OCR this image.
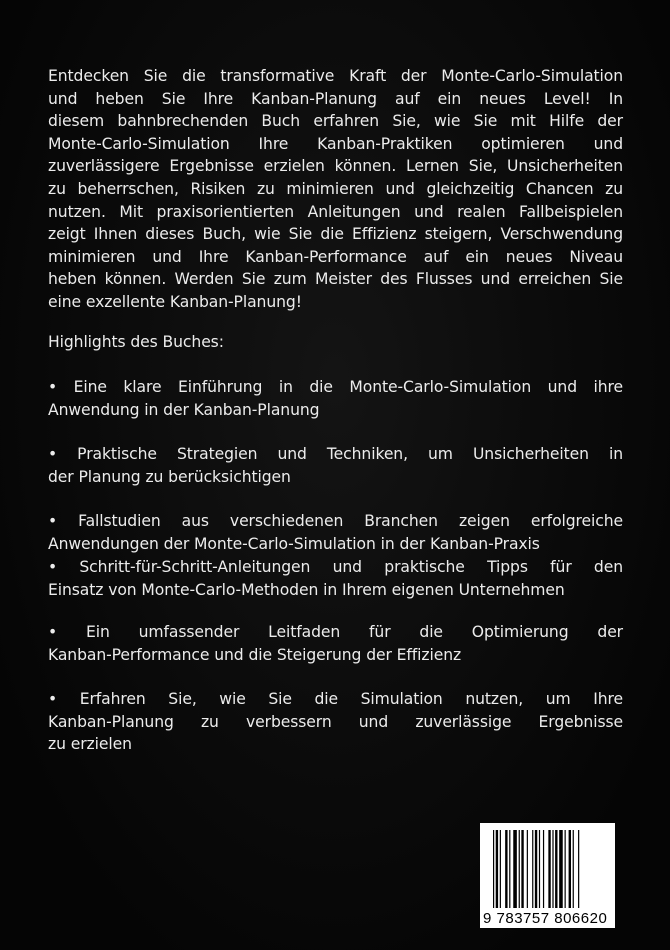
Entdecken Sie die transformative Kraft der Monte-Carlo-Simulation
und heben Sie Ihre Kanban-Planung auf ein neues Level! In
diesem bahnbrechenden Buch erfahren Sie, wie Sie mit Hilfe der
Monte-Carlo-Simulation Ihre Kanban-Praktiken optimieren und
zuverlässigere Ergebnisse erzielen können. Lernen Sie, Unsicherheiten
zu beherrschen, Risiken zu minimieren und gleichzeitig Chancen zu
nutzen. Mit praxisorientierten Anleitungen und realen Fallbeispielen
zeigt Ihnen dieses Buch, wie Sie die Effizienz steigern, Verschwendung
minimieren und Ihre Kanban-Performance auf ein neues Niveau
heben können. Werden Sie zum Meister des Flusses und erreichen Sie
eine exzellente Kanban-Planung!
Highlights des Buches:
• Eine klare Einführung in die Monte-Carlo-Simulation und ihre
Anwendung in der Kanban-Planung
• Praktische Strategien und Techniken, um Unsicherheiten in
der Planung zu berücksichtigen
• Fallstudien aus verschiedenen Branchen zeigen erfolgreiche
Anwendungen der Monte-Carlo-Simulation in der Kanban-Praxis
• Schritt-für-Schritt-Anleitungen und praktische Tipps für den
Einsatz von Monte-Carlo-Methoden in Ihrem eigenen Unternehmen
• Ein umfassender Leitfaden für die Optimierung der
Kanban-Performance und die Steigerung der Effizienz
• Erfahren Sie, wie Sie die Simulation nutzen, um Ihre
Kanban-Planung zu verbessern und zuverlässige Ergebnisse
zu erzielen
9 783757 806620
